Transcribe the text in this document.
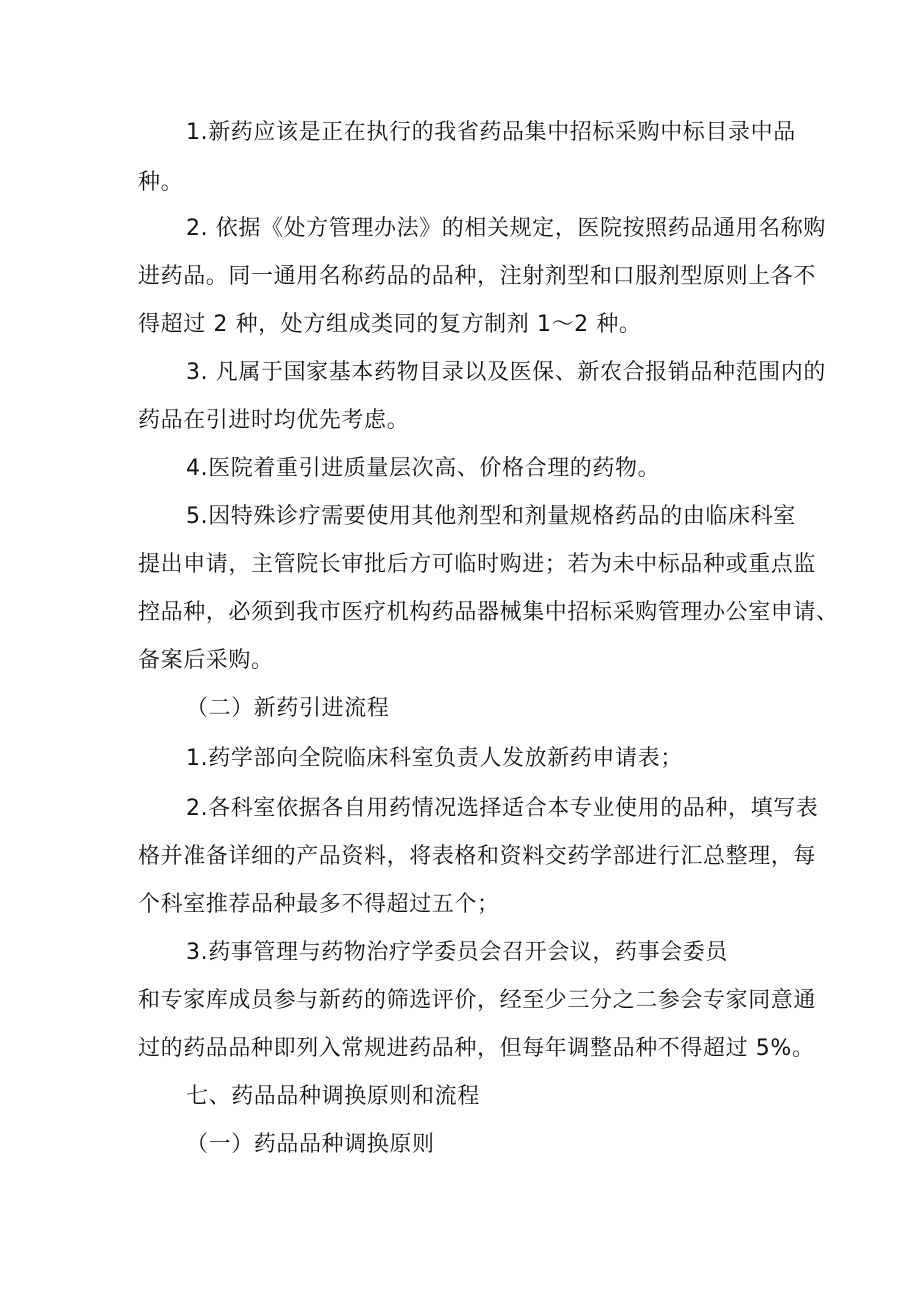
1.新药应该是正在执行的我省药品集中招标采购中标目录中品
种。
2. 依据《处方管理办法》的相关规定，医院按照药品通用名称购
进药品。同一通用名称药品的品种，注射剂型和口服剂型原则上各不
得超过 2 种，处方组成类同的复方制剂 1～2 种。
3. 凡属于国家基本药物目录以及医保、新农合报销品种范围内的
药品在引进时均优先考虑。
4.医院着重引进质量层次高、价格合理的药物。
5.因特殊诊疗需要使用其他剂型和剂量规格药品的由临床科室
提出申请，主管院长审批后方可临时购进；若为未中标品种或重点监
控品种，必须到我市医疗机构药品器械集中招标采购管理办公室申请、
备案后采购。
（二）新药引进流程
1.药学部向全院临床科室负责人发放新药申请表；
2.各科室依据各自用药情况选择适合本专业使用的品种，填写表
格并准备详细的产品资料，将表格和资料交药学部进行汇总整理，每
个科室推荐品种最多不得超过五个；
3.药事管理与药物治疗学委员会召开会议，药事会委员
和专家库成员参与新药的筛选评价，经至少三分之二参会专家同意通
过的药品品种即列入常规进药品种，但每年调整品种不得超过 5%。
七、药品品种调换原则和流程
（一）药品品种调换原则
